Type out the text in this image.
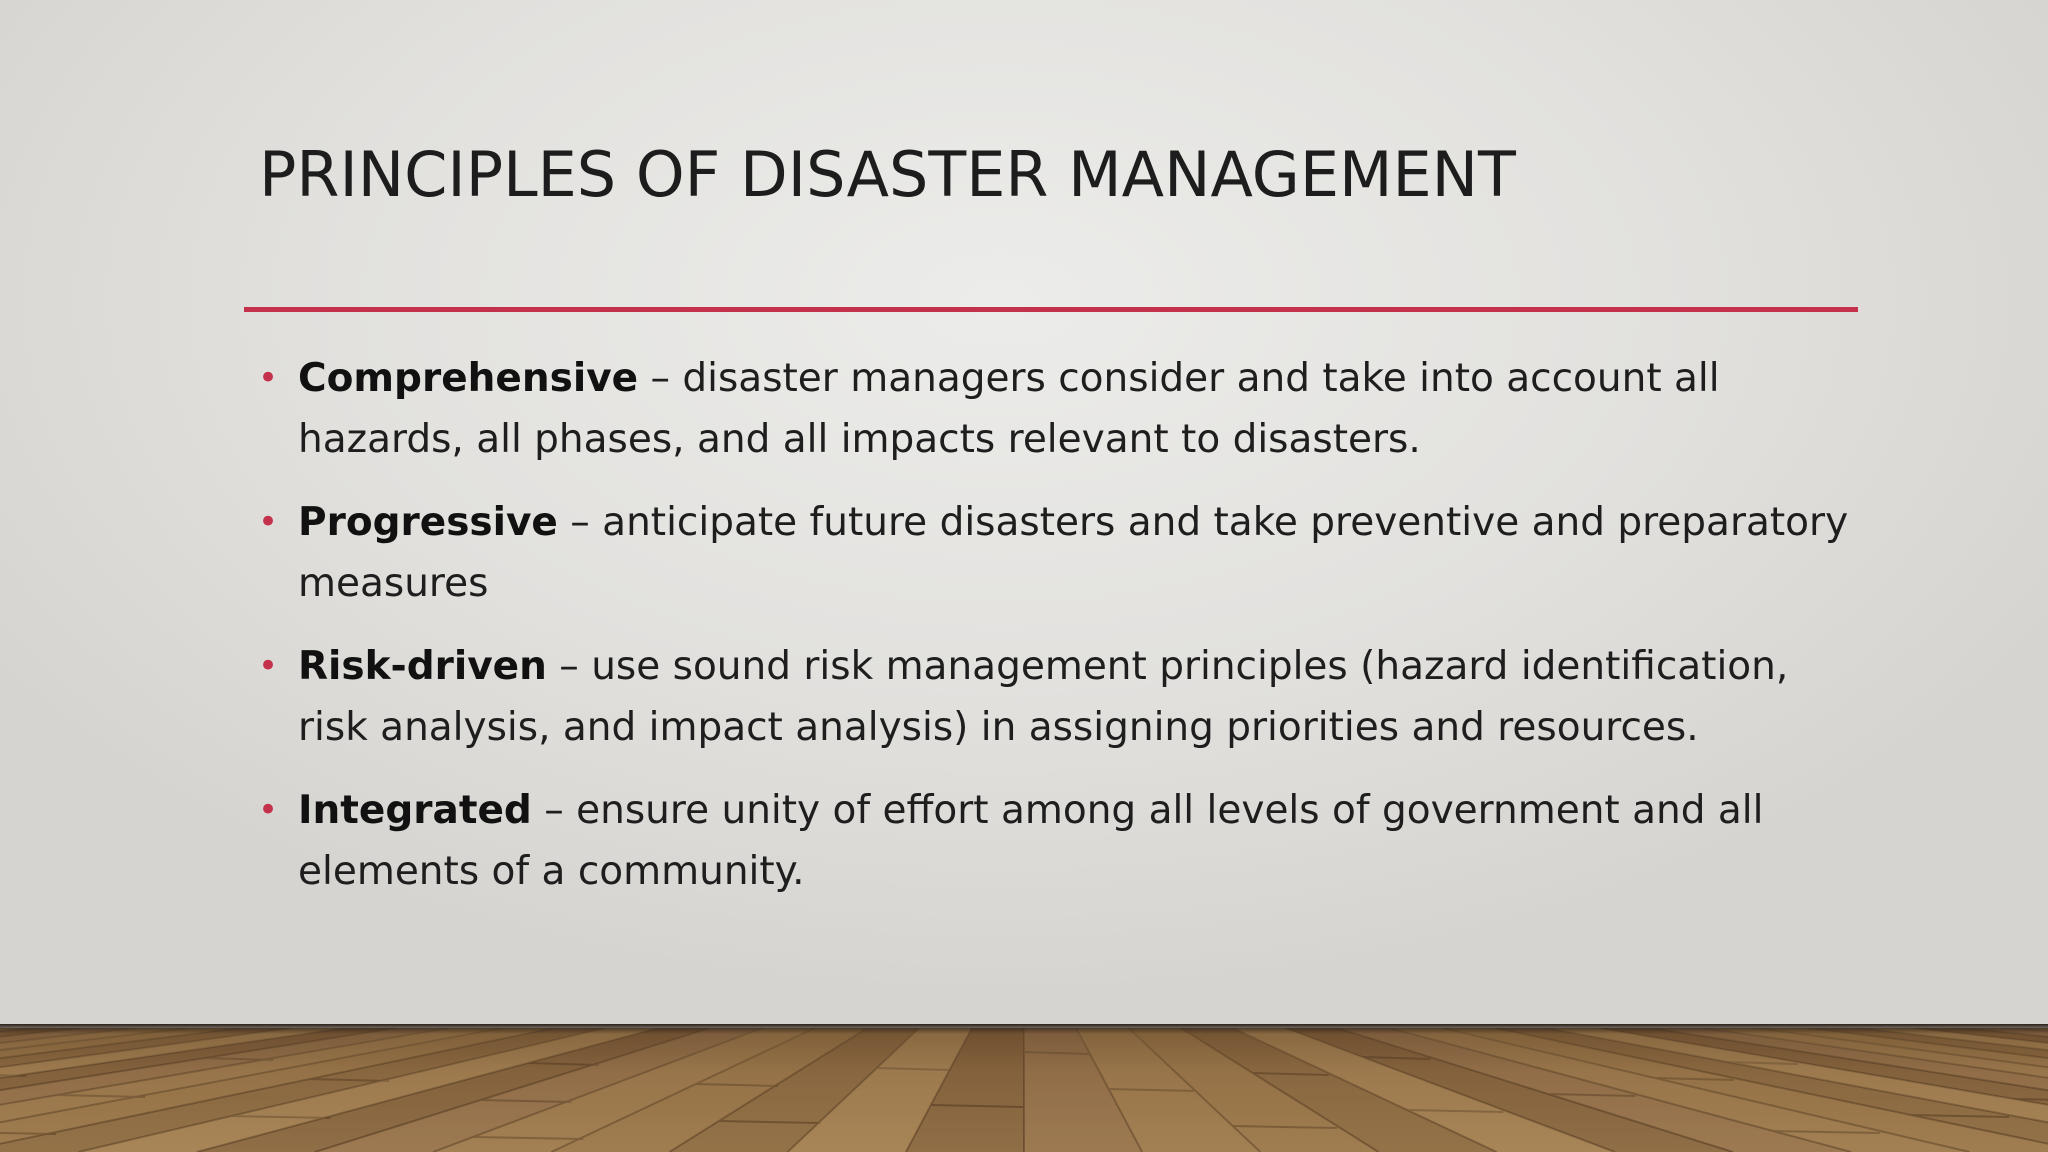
PRINCIPLES OF DISASTER MANAGEMENT
• Comprehensive – disaster managers consider and take into account all hazards, all phases, and all impacts relevant to disasters.
• Progressive – anticipate future disasters and take preventive and preparatory measures
• Risk-driven – use sound risk management principles (hazard identification, risk analysis, and impact analysis) in assigning priorities and resources.
• Integrated – ensure unity of effort among all levels of government and all elements of a community.
